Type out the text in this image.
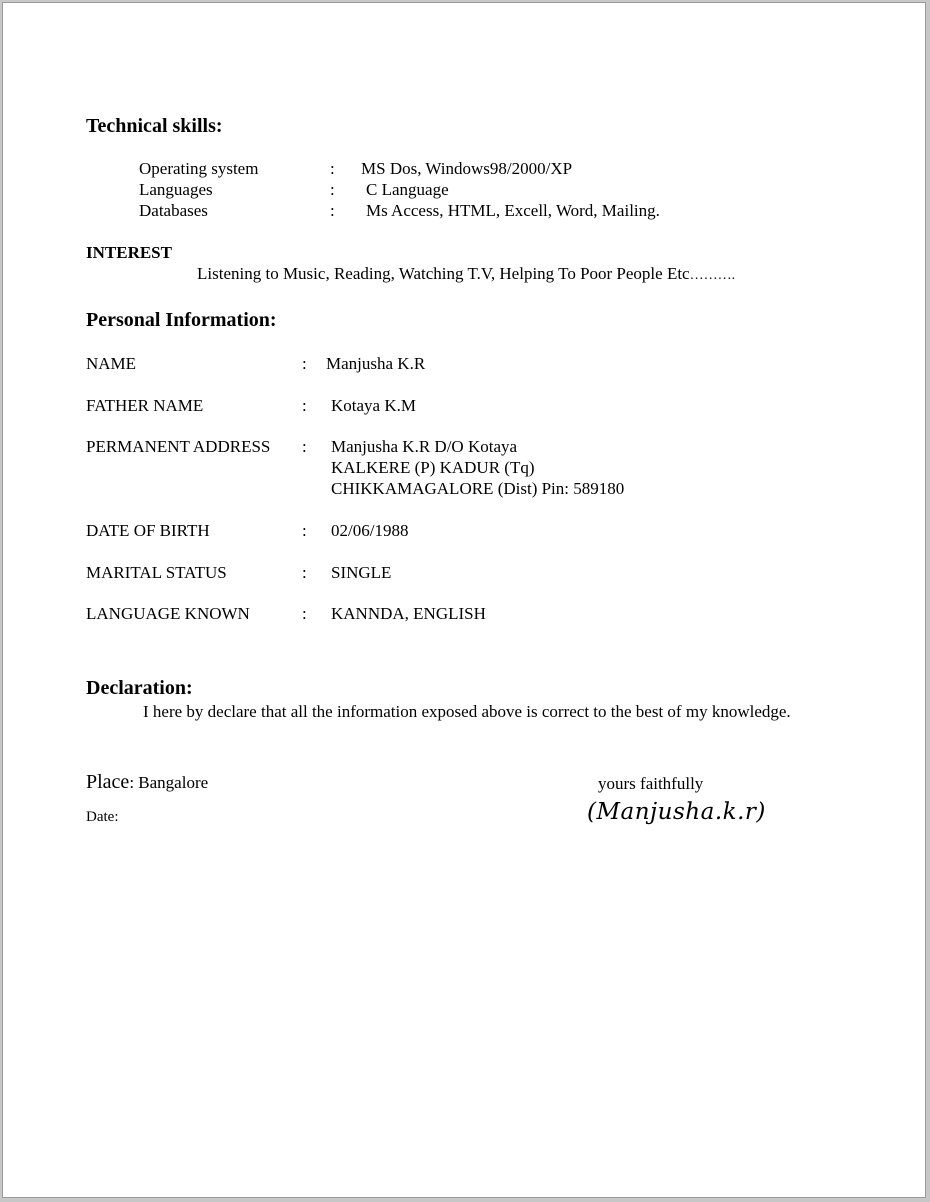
Technical skills:
Operating system	: MS Dos, Windows98/2000/XP
Languages	: C Language
Databases	: Ms Access, HTML, Excell, Word, Mailing.
INTEREST
Listening to Music, Reading, Watching T.V, Helping To Poor People Etc……….
Personal Information:
NAME	: Manjusha K.R
FATHER NAME	: Kotaya K.M
PERMANENT ADDRESS : Manjusha K.R D/O Kotaya
KALKERE (P) KADUR (Tq)
CHIKKAMAGALORE (Dist) Pin: 589180
DATE OF BIRTH	: 02/06/1988
MARITAL STATUS	: SINGLE
LANGUAGE KNOWN	: KANNDA, ENGLISH
Declaration:
I here by declare that all the information exposed above is correct to the best of my knowledge.
Place: Bangalore
Date:
yours faithfully
(Manjusha.k.r)
